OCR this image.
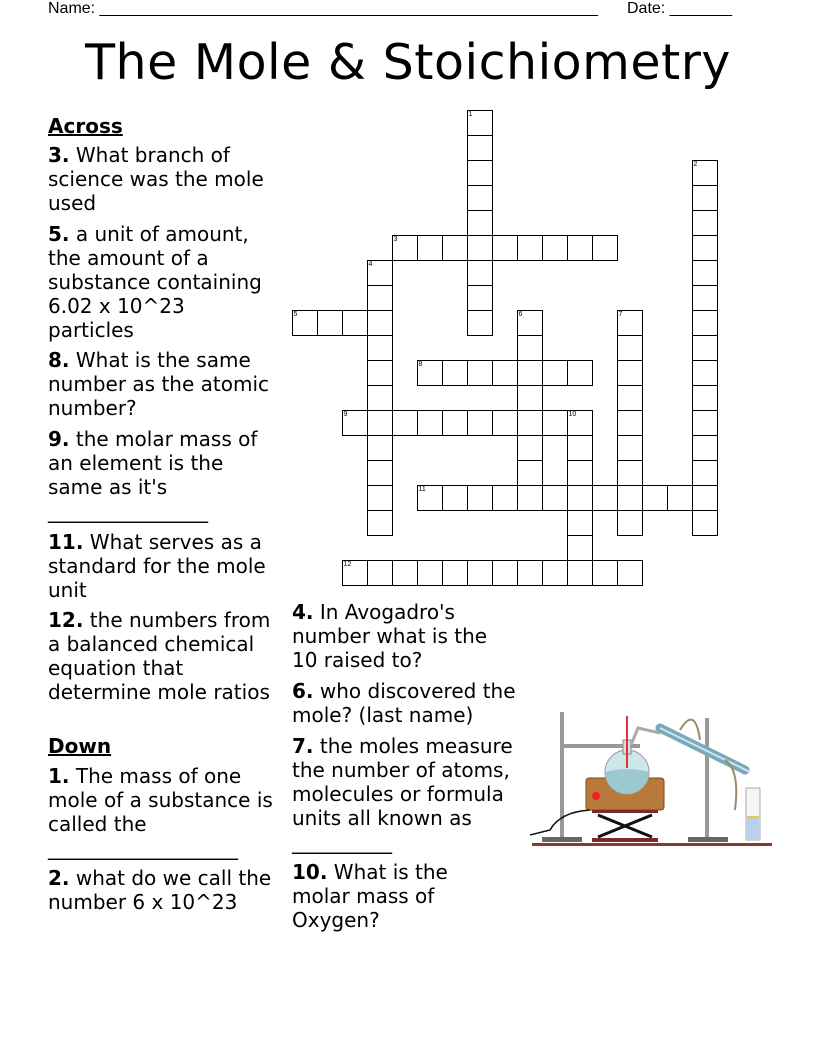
Name: ________________________________________________________ Date: _______
The Mole & Stoichiometry
Across
3. What branch of science was the mole used
5. a unit of amount, the amount of a substance containing 6.02 x 10^23 particles
8. What is the same number as the atomic number?
9. the molar mass of an element is the same as it's ________________
11. What serves as a standard for the mole unit
12. the numbers from a balanced chemical equation that determine mole ratios
Down
1. The mass of one mole of a substance is called the ___________________
2. what do we call the number 6 x 10^23
4. In Avogadro's number what is the 10 raised to?
6. who discovered the mole? (last name)
7. the moles measure the number of atoms, molecules or formula units all known as __________
10. What is the molar mass of Oxygen?
1
2
3
4
5	6	7
8
9	10
11
12
